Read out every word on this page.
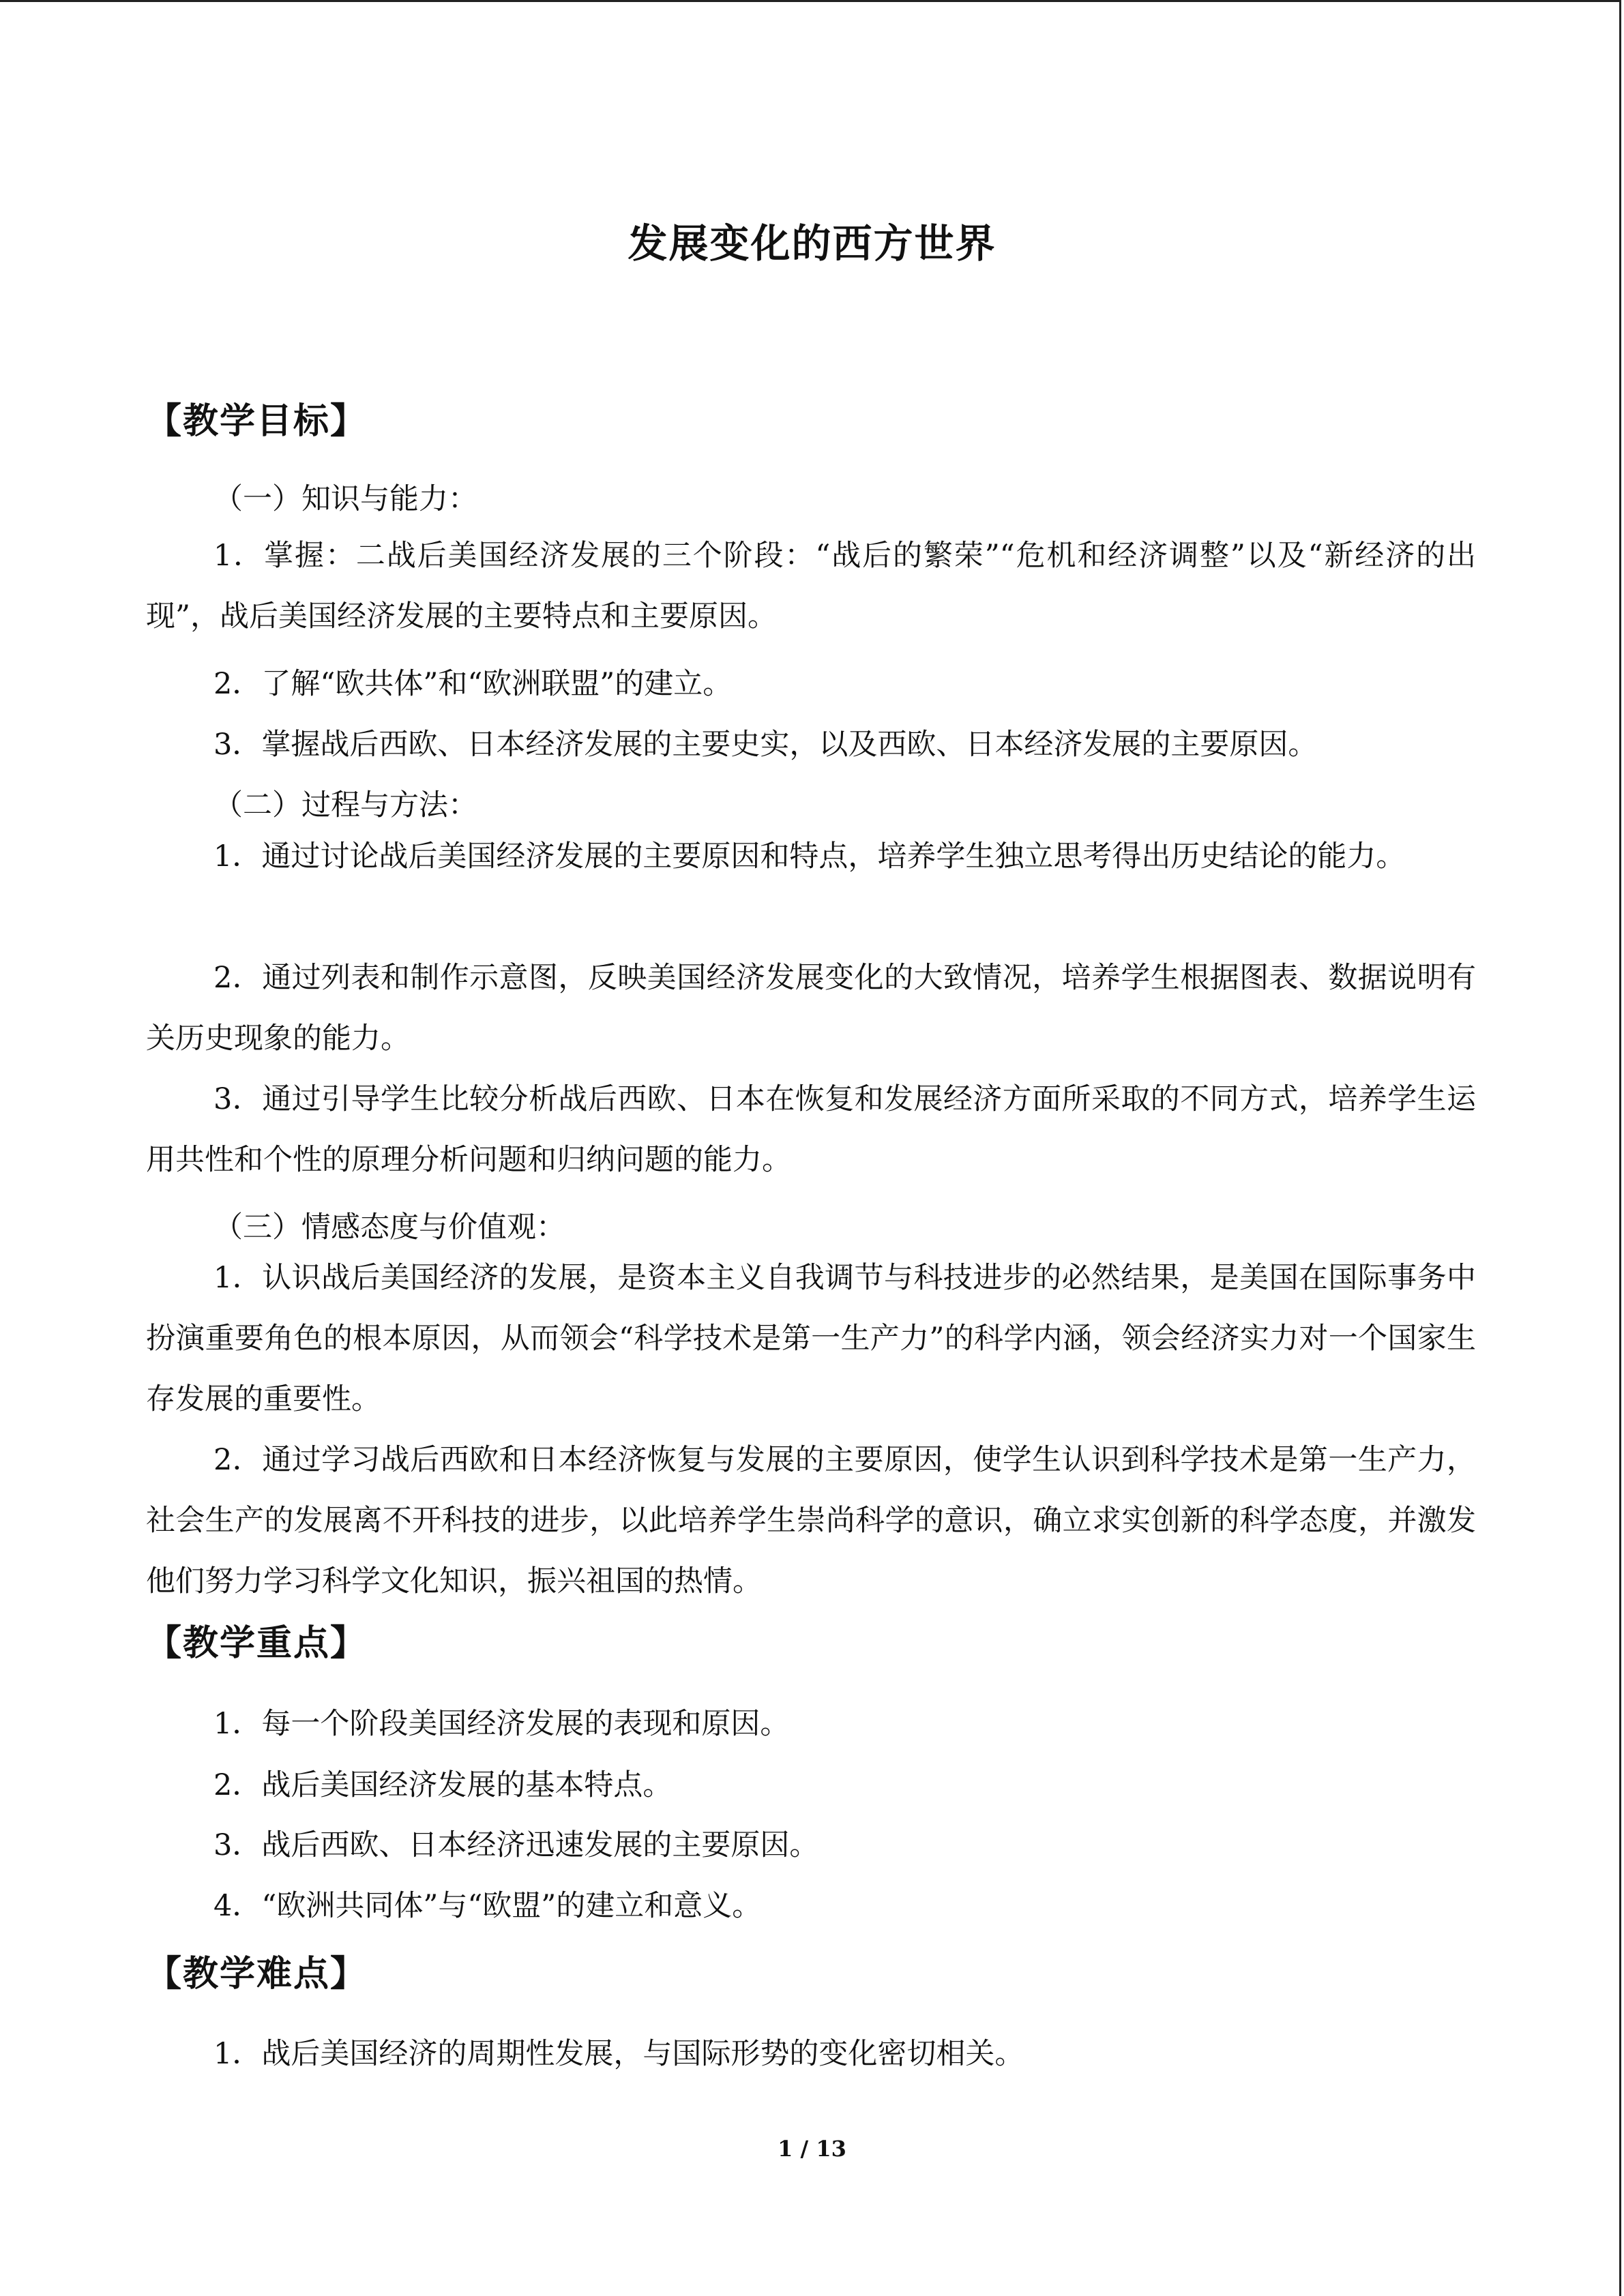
发展变化的西方世界
【教学目标】
（一）知识与能力：
1．掌握：二战后美国经济发展的三个阶段：“战后的繁荣”“危机和经济调整”以及“新经济的出现”，战后美国经济发展的主要特点和主要原因。
2．了解“欧共体”和“欧洲联盟”的建立。
3．掌握战后西欧、日本经济发展的主要史实，以及西欧、日本经济发展的主要原因。
（二）过程与方法：
1．通过讨论战后美国经济发展的主要原因和特点，培养学生独立思考得出历史结论的能力。
2．通过列表和制作示意图，反映美国经济发展变化的大致情况，培养学生根据图表、数据说明有关历史现象的能力。
3．通过引导学生比较分析战后西欧、日本在恢复和发展经济方面所采取的不同方式，培养学生运用共性和个性的原理分析问题和归纳问题的能力。
（三）情感态度与价值观：
1．认识战后美国经济的发展，是资本主义自我调节与科技进步的必然结果，是美国在国际事务中扮演重要角色的根本原因，从而领会“科学技术是第一生产力”的科学内涵，领会经济实力对一个国家生存发展的重要性。
2．通过学习战后西欧和日本经济恢复与发展的主要原因，使学生认识到科学技术是第一生产力，社会生产的发展离不开科技的进步，以此培养学生崇尚科学的意识，确立求实创新的科学态度，并激发他们努力学习科学文化知识，振兴祖国的热情。
【教学重点】
1．每一个阶段美国经济发展的表现和原因。
2．战后美国经济发展的基本特点。
3．战后西欧、日本经济迅速发展的主要原因。
4．“欧洲共同体”与“欧盟”的建立和意义。
【教学难点】
1．战后美国经济的周期性发展，与国际形势的变化密切相关。
1 / 13
